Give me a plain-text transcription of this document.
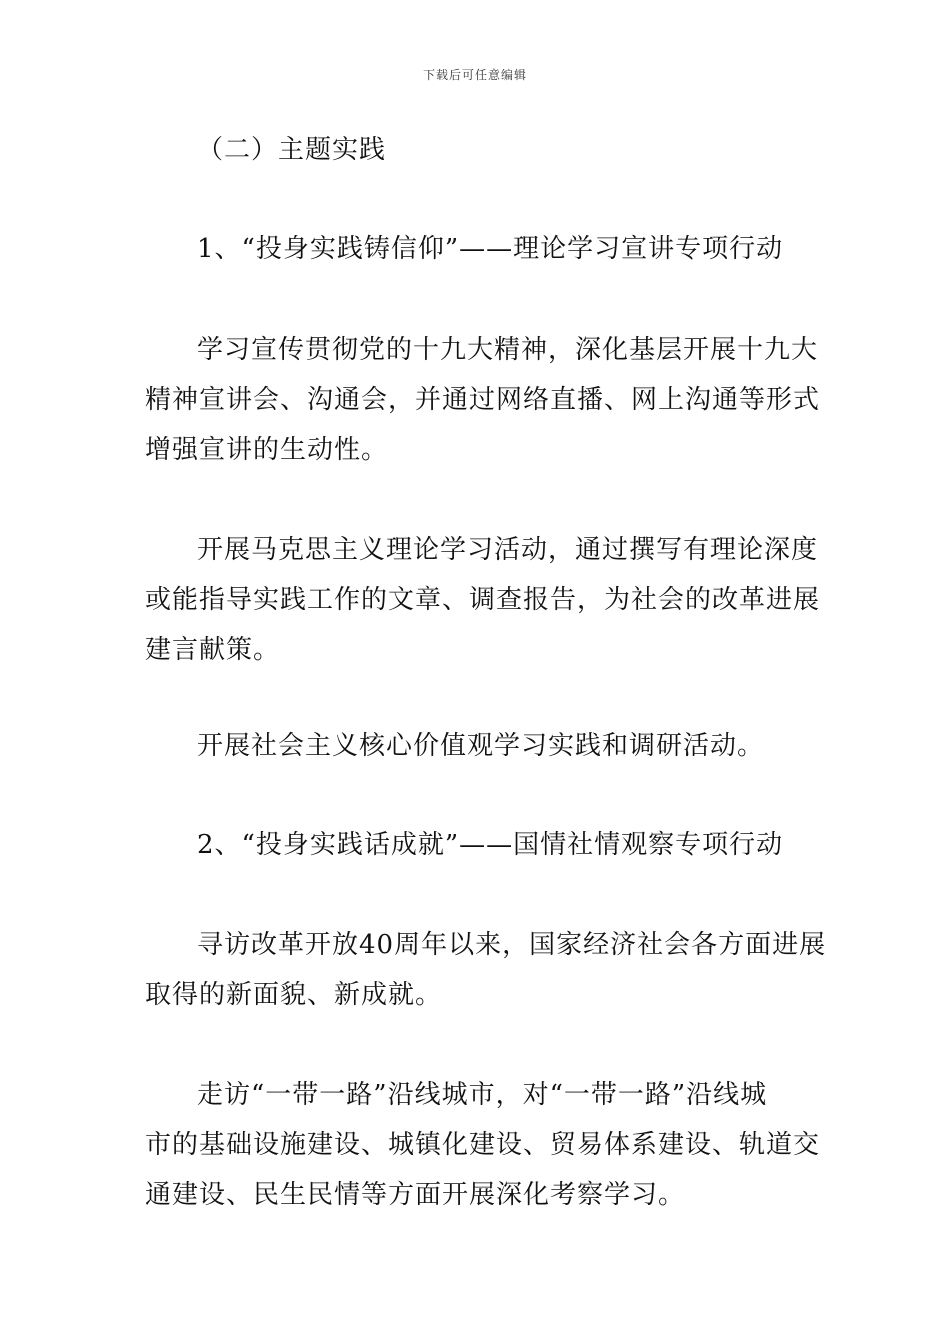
下载后可任意编辑
（二）主题实践
1、“投身实践铸信仰”——理论学习宣讲专项行动
学习宣传贯彻党的十九大精神，深化基层开展十九大
精神宣讲会、沟通会，并通过网络直播、网上沟通等形式
增强宣讲的生动性。
开展马克思主义理论学习活动，通过撰写有理论深度
或能指导实践工作的文章、调查报告，为社会的改革进展
建言献策。
开展社会主义核心价值观学习实践和调研活动。
2、“投身实践话成就”——国情社情观察专项行动
寻访改革开放40周年以来，国家经济社会各方面进展
取得的新面貌、新成就。
走访“一带一路”沿线城市，对“一带一路”沿线城
市的基础设施建设、城镇化建设、贸易体系建设、轨道交
通建设、民生民情等方面开展深化考察学习。
